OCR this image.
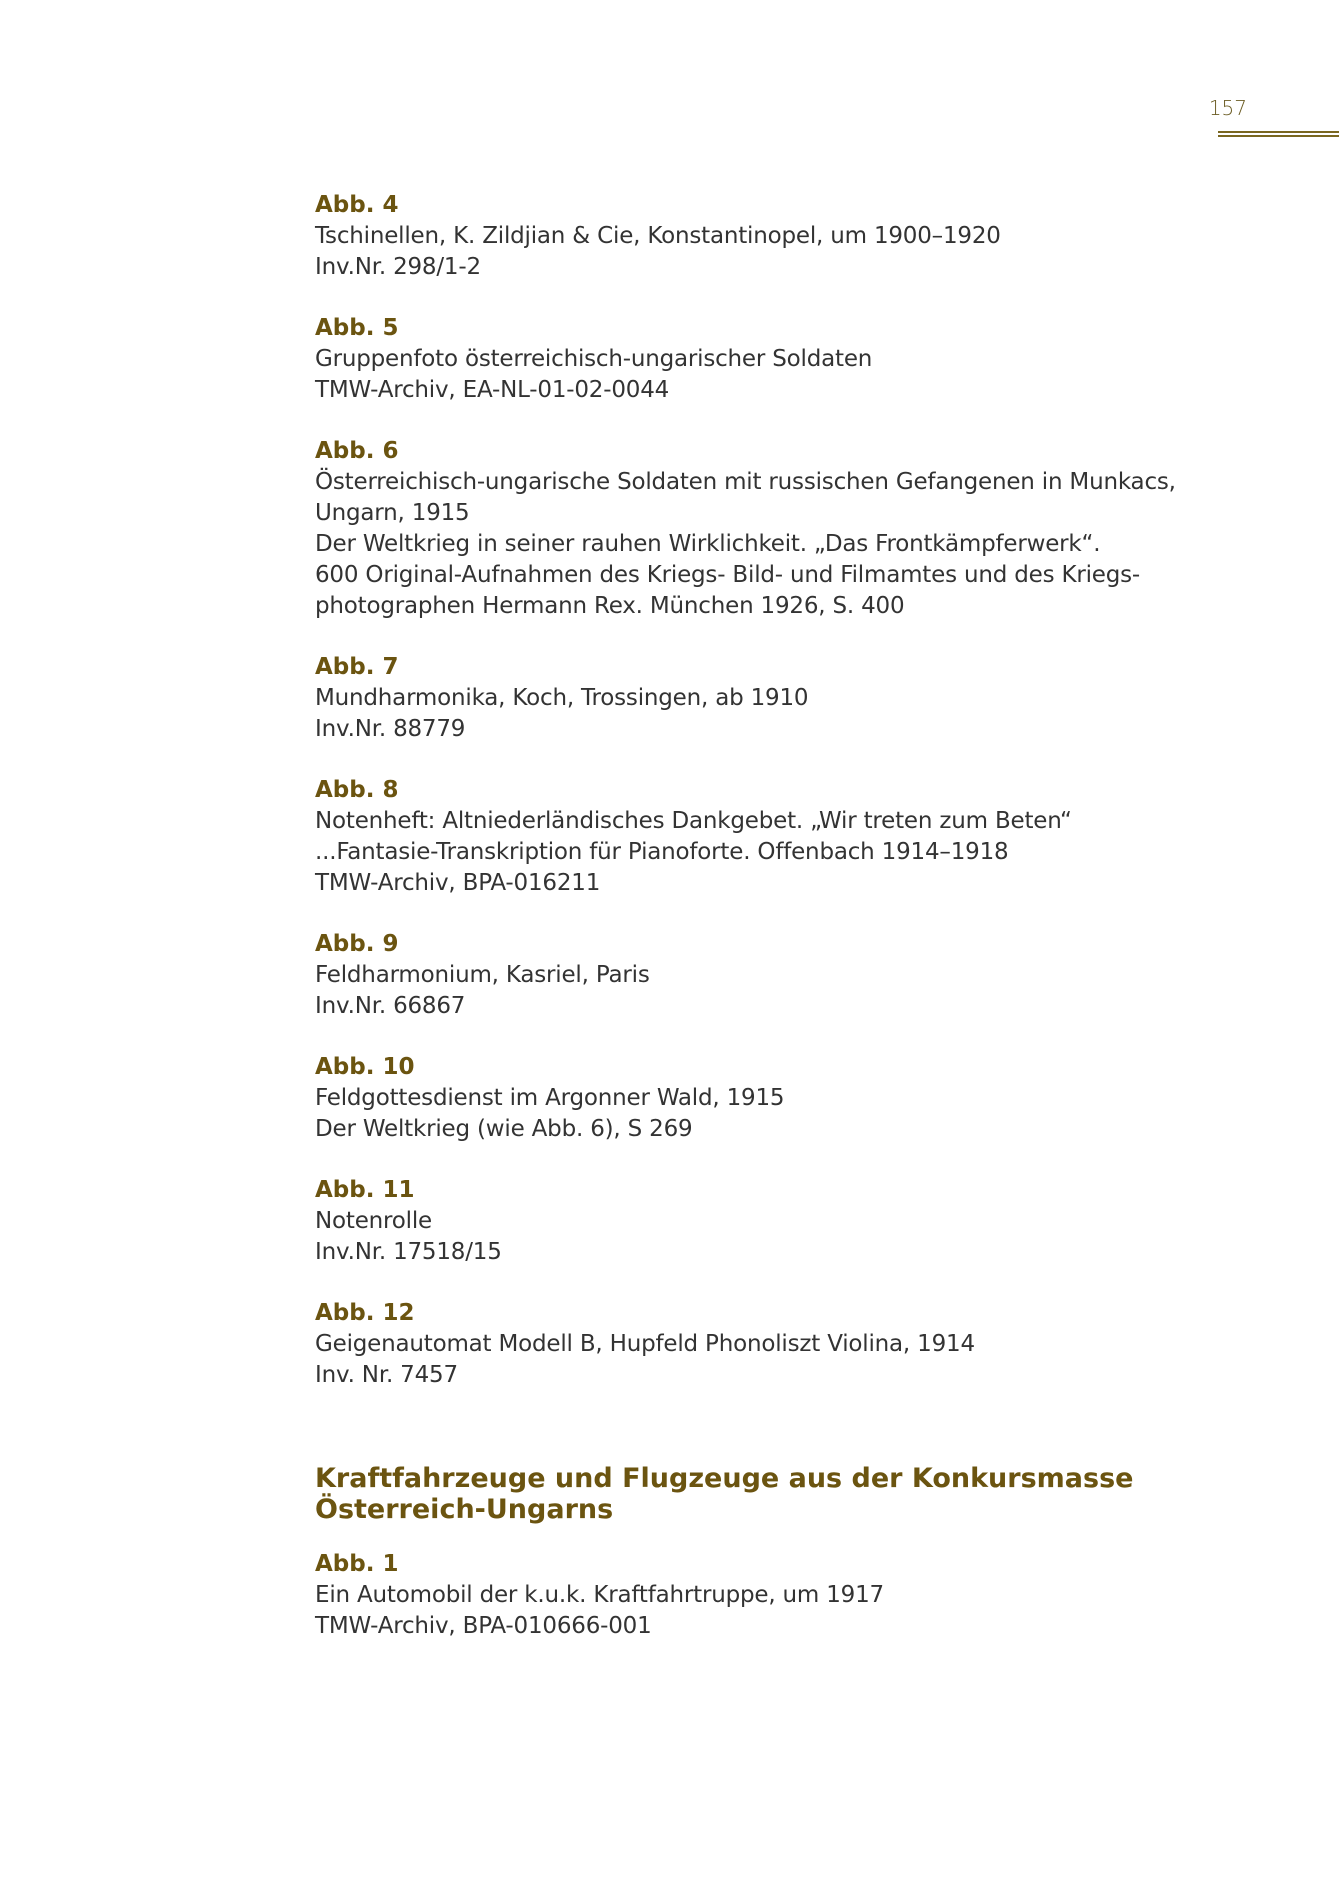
157
Abb. 4
Tschinellen, K. Zildjian & Cie, Konstantinopel, um 1900–1920
Inv.Nr. 298/1-2
Abb. 5
Gruppenfoto österreichisch-ungarischer Soldaten
TMW-Archiv, EA-NL-01-02-0044
Abb. 6
Österreichisch-ungarische Soldaten mit russischen Gefangenen in Munkacs,
Ungarn, 1915
Der Weltkrieg in seiner rauhen Wirklichkeit. „Das Frontkämpferwerk“.
600 Original-Aufnahmen des Kriegs- Bild- und Filmamtes und des Kriegs-
photographen Hermann Rex. München 1926, S. 400
Abb. 7
Mundharmonika, Koch, Trossingen, ab 1910
Inv.Nr. 88779
Abb. 8
Notenheft: Altniederländisches Dankgebet. „Wir treten zum Beten“
...Fantasie-Transkription für Pianoforte. Offenbach 1914–1918
TMW-Archiv, BPA-016211
Abb. 9
Feldharmonium, Kasriel, Paris
Inv.Nr. 66867
Abb. 10
Feldgottesdienst im Argonner Wald, 1915
Der Weltkrieg (wie Abb. 6), S 269
Abb. 11
Notenrolle
Inv.Nr. 17518/15
Abb. 12
Geigenautomat Modell B, Hupfeld Phonoliszt Violina, 1914
Inv. Nr. 7457
Kraftfahrzeuge und Flugzeuge aus der Konkursmasse
Österreich-Ungarns
Abb. 1
Ein Automobil der k.u.k. Kraftfahrtruppe, um 1917
TMW-Archiv, BPA-010666-001
